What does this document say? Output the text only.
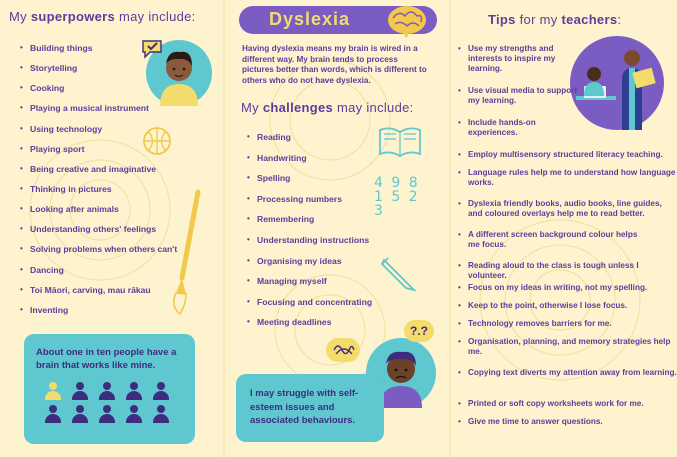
My superpowers may include:
• Building things
• Storytelling
• Cooking
• Playing a musical instrument
• Using technology
• Playing sport
• Being creative and imaginative
• Thinking in pictures
• Looking after animals
• Understanding others' feelings
• Solving problems when others can't
• Dancing
• Toi Māori, carving, mau rākau
• Inventing
About one in ten people have a brain that works like mine.
Dyslexia
Having dyslexia means my brain is wired in a different way. My brain tends to process pictures better than words, which is different to others who do not have dyslexia.
My challenges may include:
• Reading
• Handwriting
• Spelling
• Processing numbers
• Remembering
• Understanding instructions
• Organising my ideas
• Managing myself
• Focusing and concentrating
• Meeting deadlines
4 9 8 1 5 2 3
?.?
I may struggle with self-esteem issues and associated behaviours.
Tips for my teachers:
• Use my strengths and interests to inspire my learning.
• Use visual media to support my learning.
• Include hands-on experiences.
• Employ multisensory structured literacy teaching.
• Language rules help me to understand how language works.
• Dyslexia friendly books, audio books, line guides, and coloured overlays help me to read better.
• A different screen background colour helps me focus.
• Reading aloud to the class is tough unless I volunteer.
• Focus on my ideas in writing, not my spelling.
• Keep to the point, otherwise I lose focus.
• Technology removes barriers for me.
• Organisation, planning, and memory strategies help me.
• Copying text diverts my attention away from learning.
• Printed or soft copy worksheets work for me.
• Give me time to answer questions.
